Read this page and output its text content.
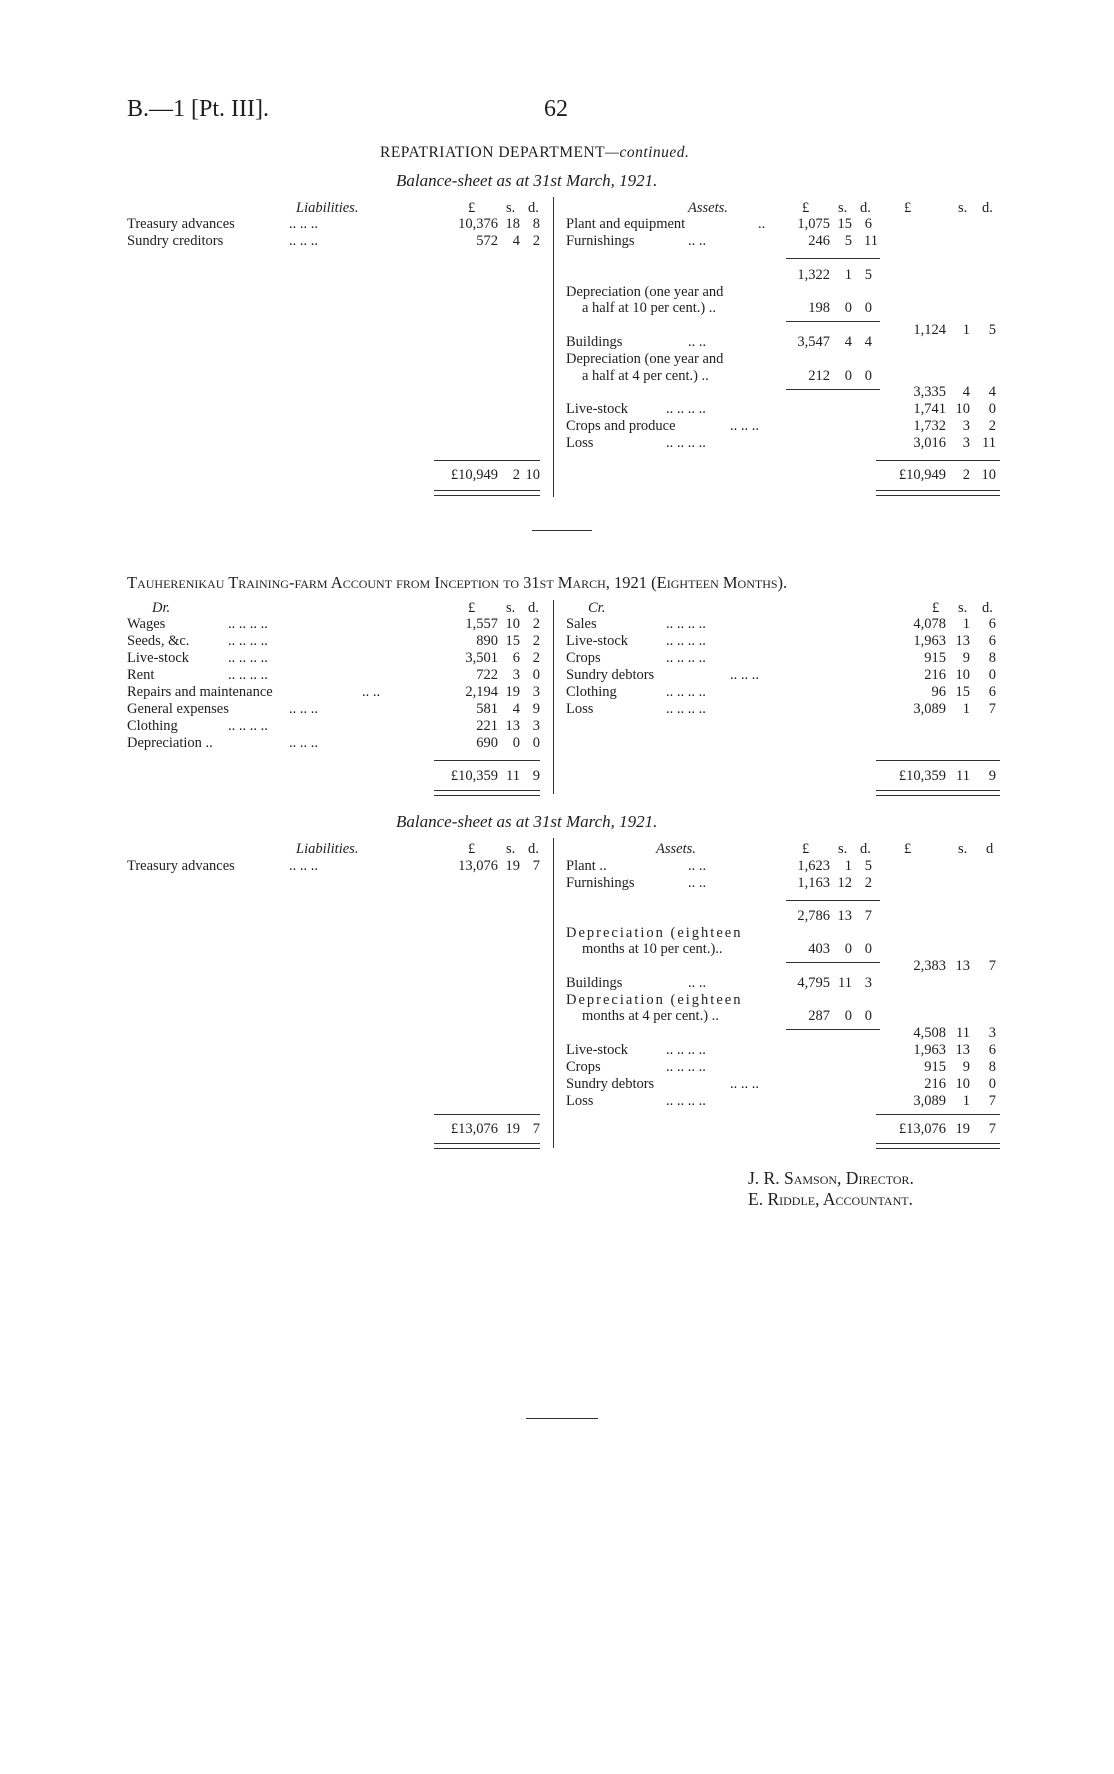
B.—1 [Pt. III].	62
REPATRIATION DEPARTMENT—continued.
Balance-sheet as at 31st March, 1921.
Liabilities.	£ s. d.
Treasury advances	.. .. ..	10,376 18 8
Sundry creditors	.. .. ..	572	4 2
£10,949	2 10
Assets.	£ s. d. £	s. d.
Plant and equipment	..	1,075 15 6
Furnishings	.. ..	246	5 11
1,322	1 5
Depreciation (one year and
a half at 10 per cent.) ..	198	0 0
1,124	1	5
Buildings	.. ..	3,547	4 4
Depreciation (one year and
a half at 4 per cent.) ..	212	0 0
3,335	4	4
Live-stock	.. .. .. ..	1,741 10	0
Crops and produce	.. .. ..	1,732	3	2
Loss	.. .. .. ..	3,016	3 11
£10,949	2 10
Tauherenikau Training-farm Account from Inception to 31st March, 1921 (Eighteen Months).
Dr.	£ s. d.	Cr.	£ s. d.
Wages	.. .. .. ..	1,557 10 2
Seeds, &c.	.. .. .. ..	890 15 2
Live-stock	.. .. .. ..	3,501	6 2
Rent	.. .. .. ..	722	3 0
Repairs and maintenance	.. ..	2,194 19 3
General expenses	.. .. ..	581	4 9
Clothing	.. .. .. ..	221 13 3
Depreciation ..	.. .. ..	690	0 0
£10,359 11 9
Sales	.. .. .. ..	4,078	1	6
Live-stock	.. .. .. ..	1,963 13	6
Crops	.. .. .. ..	915	9	8
Sundry debtors	.. .. ..	216 10	0
Clothing	.. .. .. ..	96 15	6
Loss	.. .. .. ..	3,089	1	7
£10,359 11	9
Balance-sheet as at 31st March, 1921.
Liabilities.	£ s. d.
Treasury advances	.. .. ..	13,076 19 7
£13,076 19 7
Assets.	£ s. d. £	s. d
Plant ..	.. ..	1,623	1 5
Furnishings	.. ..	1,163 12 2
2,786 13 7
Depreciation (eighteen
months at 10 per cent.)..	403	0 0
2,383 13	7
Buildings	.. ..	4,795 11 3
Depreciation (eighteen
months at 4 per cent.) ..	287	0 0
4,508 11	3
Live-stock	.. .. .. ..	1,963 13	6
Crops	.. .. .. ..	915	9	8
Sundry debtors	.. .. ..	216 10	0
Loss	.. .. .. ..	3,089	1	7
£13,076 19	7
J. R. Samson, Director.
E. Riddle, Accountant.
